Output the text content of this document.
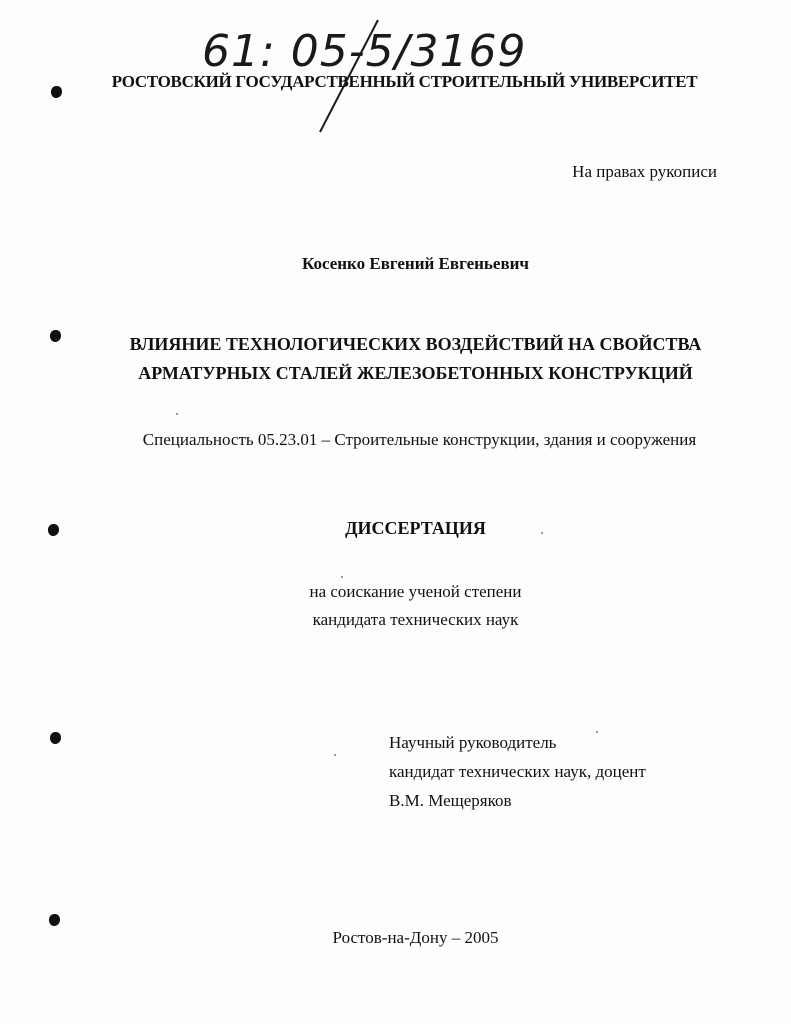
61: 05-5/3169
РОСТОВСКИЙ ГОСУДАРСТВЕННЫЙ СТРОИТЕЛЬНЫЙ УНИВЕРСИТЕТ
На правах рукописи
Косенко Евгений Евгеньевич
ВЛИЯНИЕ ТЕХНОЛОГИЧЕСКИХ ВОЗДЕЙСТВИЙ НА СВОЙСТВА
АРМАТУРНЫХ СТАЛЕЙ ЖЕЛЕЗОБЕТОННЫХ КОНСТРУКЦИЙ
Специальность 05.23.01 – Строительные конструкции, здания и сооружения
ДИССЕРТАЦИЯ
на соискание ученой степени
кандидата технических наук
Научный руководитель
кандидат технических наук, доцент
В.М. Мещеряков
Ростов-на-Дону – 2005
